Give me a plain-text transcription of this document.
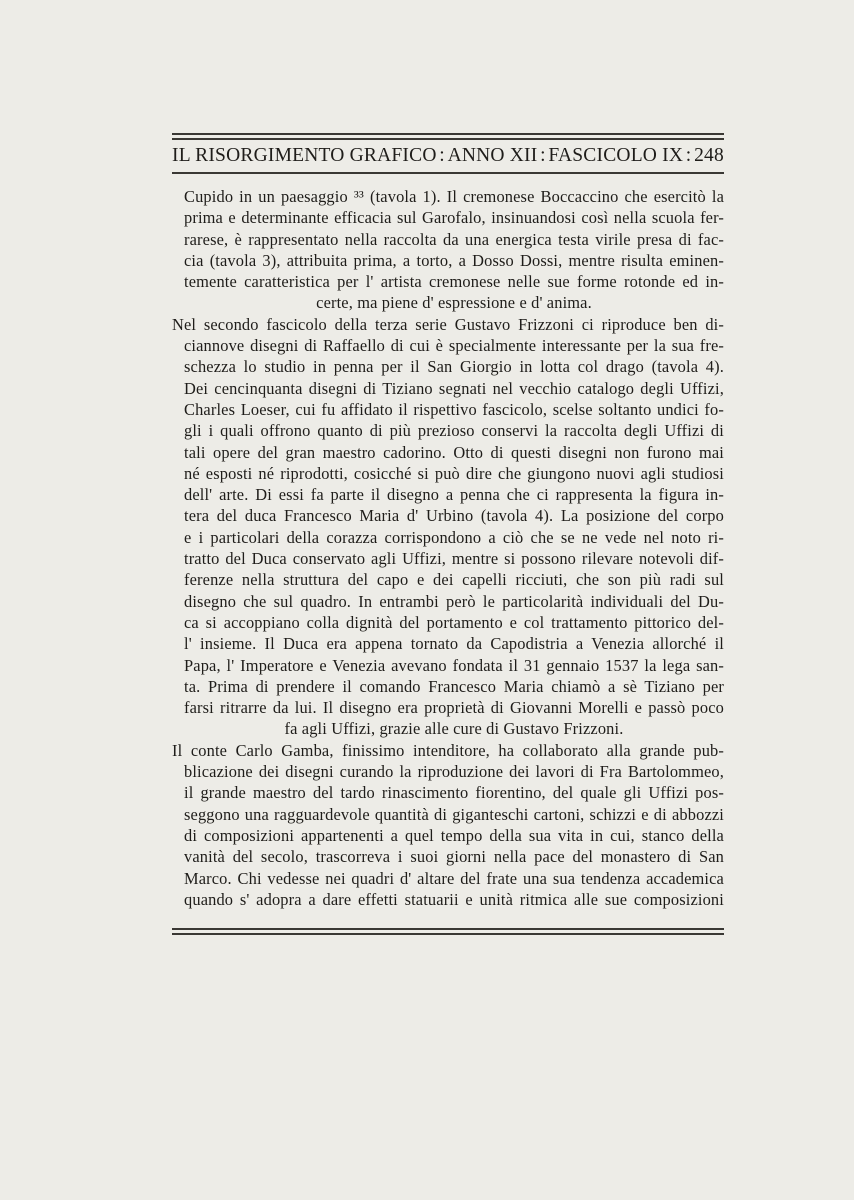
IL RISORGIMENTO GRAFICO : ANNO XII : FASCICOLO IX : 248
Cupido in un paesaggio ³³ (tavola 1). Il cremonese Boccaccino che esercitò la
prima e determinante efficacia sul Garofalo, insinuandosi così nella scuola fer-
rarese, è rappresentato nella raccolta da una energica testa virile presa di fac-
cia (tavola 3), attribuita prima, a torto, a Dosso Dossi, mentre risulta eminen-
temente caratteristica per l' artista cremonese nelle sue forme rotonde ed in-
certe, ma piene d' espressione e d' anima.
Nel secondo fascicolo della terza serie Gustavo Frizzoni ci riproduce ben di-
ciannove disegni di Raffaello di cui è specialmente interessante per la sua fre-
schezza lo studio in penna per il San Giorgio in lotta col drago (tavola 4).
Dei cencinquanta disegni di Tiziano segnati nel vecchio catalogo degli Uffizi,
Charles Loeser, cui fu affidato il rispettivo fascicolo, scelse soltanto undici fo-
gli i quali offrono quanto di più prezioso conservi la raccolta degli Uffizi di
tali opere del gran maestro cadorino. Otto di questi disegni non furono mai
né esposti né riprodotti, cosicché si può dire che giungono nuovi agli studiosi
dell' arte. Di essi fa parte il disegno a penna che ci rappresenta la figura in-
tera del duca Francesco Maria d' Urbino (tavola 4). La posizione del corpo
e i particolari della corazza corrispondono a ciò che se ne vede nel noto ri-
tratto del Duca conservato agli Uffizi, mentre si possono rilevare notevoli dif-
ferenze nella struttura del capo e dei capelli ricciuti, che son più radi sul
disegno che sul quadro. In entrambi però le particolarità individuali del Du-
ca si accoppiano colla dignità del portamento e col trattamento pittorico del-
l' insieme. Il Duca era appena tornato da Capodistria a Venezia allorché il
Papa, l' Imperatore e Venezia avevano fondata il 31 gennaio 1537 la lega san-
ta. Prima di prendere il comando Francesco Maria chiamò a sè Tiziano per
farsi ritrarre da lui. Il disegno era proprietà di Giovanni Morelli e passò poco
fa agli Uffizi, grazie alle cure di Gustavo Frizzoni.
Il conte Carlo Gamba, finissimo intenditore, ha collaborato alla grande pub-
blicazione dei disegni curando la riproduzione dei lavori di Fra Bartolommeo,
il grande maestro del tardo rinascimento fiorentino, del quale gli Uffizi pos-
seggono una ragguardevole quantità di giganteschi cartoni, schizzi e di abbozzi
di composizioni appartenenti a quel tempo della sua vita in cui, stanco della
vanità del secolo, trascorreva i suoi giorni nella pace del monastero di San
Marco. Chi vedesse nei quadri d' altare del frate una sua tendenza accademica
quando s' adopra a dare effetti statuarii e unità ritmica alle sue composizioni
